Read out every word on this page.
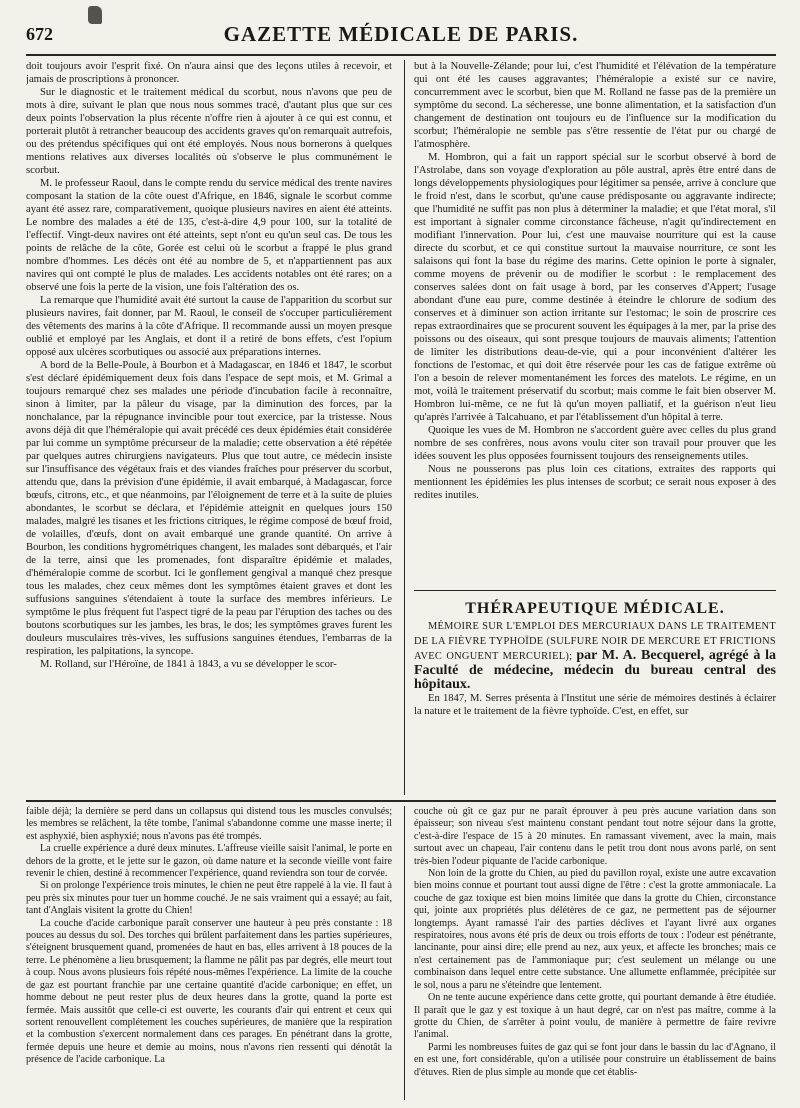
672	GAZETTE MÉDICALE DE PARIS.

doit toujours avoir l'esprit fixé. On n'aura ainsi que des leçons utiles à recevoir, et jamais de proscriptions à prononcer.

Sur le diagnostic et le traitement médical du scorbut, nous n'avons que peu de mots à dire, suivant le plan que nous nous sommes tracé, d'autant plus que sur ces deux points l'observation la plus récente n'offre rien à ajouter à ce qui est connu, et porterait plutôt à retrancher beaucoup des accidents graves qu'on remarquait autrefois, ou des prétendus spécifiques qui ont été employés. Nous nous bornerons à quelques mentions relatives aux diverses localités où s'observe le plus communément le scorbut.

M. le professeur Raoul, dans le compte rendu du service médical des trente navires composant la station de la côte ouest d'Afrique, en 1846, signale le scorbut comme ayant été assez rare, comparativement, quoique plusieurs navires en aient été atteints. Le nombre des malades a été de 135, c'est-à-dire 4,9 pour 100, sur la totalité de l'effectif. Vingt-deux navires ont été atteints, sept n'ont eu qu'un seul cas. De tous les points de relâche de la côte, Gorée est celui où le scorbut a frappé le plus grand nombre d'hommes. Les décès ont été au nombre de 5, et n'appartiennent pas aux navires qui ont compté le plus de malades. Les accidents notables ont été rares; on a observé une fois la perte de la vision, une fois l'altération des os.

La remarque que l'humidité avait été surtout la cause de l'apparition du scorbut sur plusieurs navires, fait donner, par M. Raoul, le conseil de s'occuper particulièrement des vêtements des marins à la côte d'Afrique. Il recommande aussi un moyen presque oublié et employé par les Anglais, et dont il a retiré de bons effets, c'est l'opium opposé aux ulcères scorbutiques ou associé aux préparations internes.

A bord de la Belle-Poule, à Bourbon et à Madagascar, en 1846 et 1847, le scorbut s'est déclaré épidémiquement deux fois dans l'espace de sept mois, et M. Grimal a toujours remarqué chez ses malades une période d'incubation facile à reconnaître, sinon à limiter, par la pâleur du visage, par la diminution des forces, par la nonchalance, par la répugnance invincible pour tout exercice, par la tristesse. Nous avons déjà dit que l'héméralopie qui avait précédé ces deux épidémies était considérée par lui comme un symptôme précurseur de la maladie; cette observation a été répétée par quelques autres chirurgiens navigateurs. Plus que tout autre, ce médecin insiste sur l'insuffisance des végétaux frais et des viandes fraîches pour préserver du scorbut, attendu que, dans la prévision d'une épidémie, il avait embarqué, à Madagascar, force bœufs, citrons, etc., et que néanmoins, par l'éloignement de terre et à la suite de pluies abondantes, le scorbut se déclara, et l'épidémie atteignit en quelques jours 150 malades, malgré les tisanes et les frictions citriques, le régime composé de bœuf froid, de volailles, d'œufs, dont on avait embarqué une grande quantité. On arrive à Bourbon, les conditions hygrométriques changent, les malades sont débarqués, et l'air de la terre, ainsi que les promenades, font disparaître épidémie et malades, d'héméralopie comme de scorbut. Ici le gonflement gengival a manqué chez presque tous les malades, chez ceux mêmes dont les symptômes étaient graves et dont les suffusions sanguines s'étendaient à toute la surface des membres inférieurs. Le symptôme le plus fréquent fut l'aspect tigré de la peau par l'éruption des taches ou des boutons scorbutiques sur les jambes, les bras, le dos; les symptômes graves furent les douleurs musculaires très-vives, les suffusions sanguines étendues, l'embarras de la respiration, les palpitations, la syncope.

M. Rolland, sur l'Héroïne, de 1841 à 1843, a vu se développer le scor-

but à la Nouvelle-Zélande; pour lui, c'est l'humidité et l'élévation de la température qui ont été les causes aggravantes; l'héméralopie a existé sur ce navire, concurremment avec le scorbut, bien que M. Rolland ne fasse pas de la première un symptôme du second. La sécheresse, une bonne alimentation, et la satisfaction d'un changement de destination ont toujours eu de l'influence sur la modification du scorbut; l'héméralopie ne semble pas s'être ressentie de l'état pur ou chargé de l'atmosphère.

M. Hombron, qui a fait un rapport spécial sur le scorbut observé à bord de l'Astrolabe, dans son voyage d'exploration au pôle austral, après être entré dans de longs développements physiologiques pour légitimer sa pensée, arrive à conclure que le froid n'est, dans le scorbut, qu'une cause prédisposante ou aggravante indirecte; que l'humidité ne suffit pas non plus à déterminer la maladie; et que l'état moral, s'il est important à signaler comme circonstance fâcheuse, n'agit qu'indirectement en modifiant l'innervation. Pour lui, c'est une mauvaise nourriture qui est la cause directe du scorbut, et ce qui constitue surtout la mauvaise nourriture, ce sont les salaisons qui font la base du régime des marins. Cette opinion le porte à signaler, comme moyens de prévenir ou de modifier le scorbut : le remplacement des conserves salées dont on fait usage à bord, par les conserves d'Appert; l'usage abondant d'une eau pure, comme destinée à éteindre le chlorure de sodium des conserves et à diminuer son action irritante sur l'estomac; le soin de proscrire ces repas extraordinaires que se procurent souvent les équipages à la mer, par la prise des poissons ou des oiseaux, qui sont presque toujours de mauvais aliments; l'attention de limiter les distributions deau-de-vie, qui a pour inconvénient d'altérer les fonctions de l'estomac, et qui doit être réservée pour les cas de fatigue extrême où l'on a besoin de relever momentanément les forces des matelots. Le régime, en un mot, voilà le traitement préservatif du scorbut; mais comme le fait bien observer M. Hombron lui-même, ce ne fut là qu'un moyen palliatif, et la guérison n'eut lieu qu'après l'arrivée à Talcahuano, et par l'établissement d'un hôpital à terre.

Quoique les vues de M. Hombron ne s'accordent guère avec celles du plus grand nombre de ses confrères, nous avons voulu citer son travail pour prouver que les idées souvent les plus opposées fournissent toujours des renseignements utiles.

Nous ne pousserons pas plus loin ces citations, extraites des rapports qui mentionnent les épidémies les plus intenses de scorbut; ce serait nous exposer à des redites inutiles.

THÉRAPEUTIQUE MÉDICALE.

MÉMOIRE SUR L'EMPLOI DES MERCURIAUX DANS LE TRAITEMENT DE LA FIÈVRE TYPHOÏDE (SULFURE NOIR DE MERCURE ET FRICTIONS AVEC ONGUENT MERCURIEL); par M. A. Becquerel, agrégé à la Faculté de médecine, médecin du bureau central des hôpitaux.

En 1847, M. Serres présenta à l'Institut une série de mémoires destinés à éclairer la nature et le traitement de la fièvre typhoïde. C'est, en effet, sur

faible déjà; la dernière se perd dans un collapsus qui distend tous les muscles convulsés; les membres se relâchent, la tête tombe, l'animal s'abandonne comme une masse inerte; il est asphyxié, bien asphyxié; nous n'avons pas été trompés.

La cruelle expérience a duré deux minutes. L'affreuse vieille saisit l'animal, le porte en dehors de la grotte, et le jette sur le gazon, où dame nature et la seconde vieille vont faire revenir le chien, destiné à recommencer l'expérience, quand reviendra son tour de corvée.

Si on prolonge l'expérience trois minutes, le chien ne peut être rappelé à la vie. Il faut à peu près six minutes pour tuer un homme couché. Je ne sais vraiment qui a essayé; au fait, tant d'Anglais visitent la grotte du Chien!

La couche d'acide carbonique paraît conserver une hauteur à peu près constante : 18 pouces au dessus du sol. Des torches qui brûlent parfaitement dans les parties supérieures, s'éteignent brusquement quand, promenées de haut en bas, elles arrivent à 18 pouces de la terre. Le phénomène a lieu brusquement; la flamme ne pâlit pas par degrés, elle meurt tout à coup. Nous avons plusieurs fois répété nous-mêmes l'expérience. La limite de la couche de gaz est pourtant franchie par une certaine quantité d'acide carbonique; en effet, un homme debout ne peut rester plus de deux heures dans la grotte, quand la porte est fermée. Mais aussitôt que celle-ci est ouverte, les courants d'air qui entrent et ceux qui sortent renouvellent complétement les couches supérieures, de manière que la respiration et la combustion s'exercent normalement dans ces parages. En pénétrant dans la grotte, fermée depuis une heure et demie au moins, nous n'avons rien ressenti qui dénotât la présence de l'acide carbonique. La

couche où gît ce gaz pur ne paraît éprouver à peu près aucune variation dans son épaisseur; son niveau s'est maintenu constant pendant tout notre séjour dans la grotte, c'est-à-dire l'espace de 15 à 20 minutes. En ramassant vivement, avec la main, mais surtout avec un chapeau, l'air contenu dans le petit trou dont nous avons parlé, on sent très-bien l'odeur piquante de l'acide carbonique.

Non loin de la grotte du Chien, au pied du pavillon royal, existe une autre excavation bien moins connue et pourtant tout aussi digne de l'être : c'est la grotte ammoniacale. La couche de gaz toxique est bien moins limitée que dans la grotte du Chien, circonstance qui, jointe aux propriétés plus délétères de ce gaz, ne permettent pas de séjourner longtemps. Ayant ramassé l'air des parties déclives et l'ayant livré aux organes respiratoires, nous avons été pris de deux ou trois efforts de toux : l'odeur est pénétrante, lancinante, pour ainsi dire; elle prend au nez, aux yeux, et affecte les bronches; mais ce n'est certainement pas de l'ammoniaque pur; c'est seulement un mélange ou une combinaison dans lequel entre cette substance. Une allumette enflammée, précipitée sur le sol, nous a paru ne s'éteindre que lentement.

On ne tente aucune expérience dans cette grotte, qui pourtant demande à être étudiée. Il paraît que le gaz y est toxique à un haut degré, car on n'est pas maître, comme à la grotte du Chien, de s'arrêter à point voulu, de manière à permettre de faire revivre l'animal.

Parmi les nombreuses fuites de gaz qui se font jour dans le bassin du lac d'Agnano, il en est une, fort considérable, qu'on a utilisée pour construire un établissement de bains d'étuves. Rien de plus simple au monde que cet établis-
